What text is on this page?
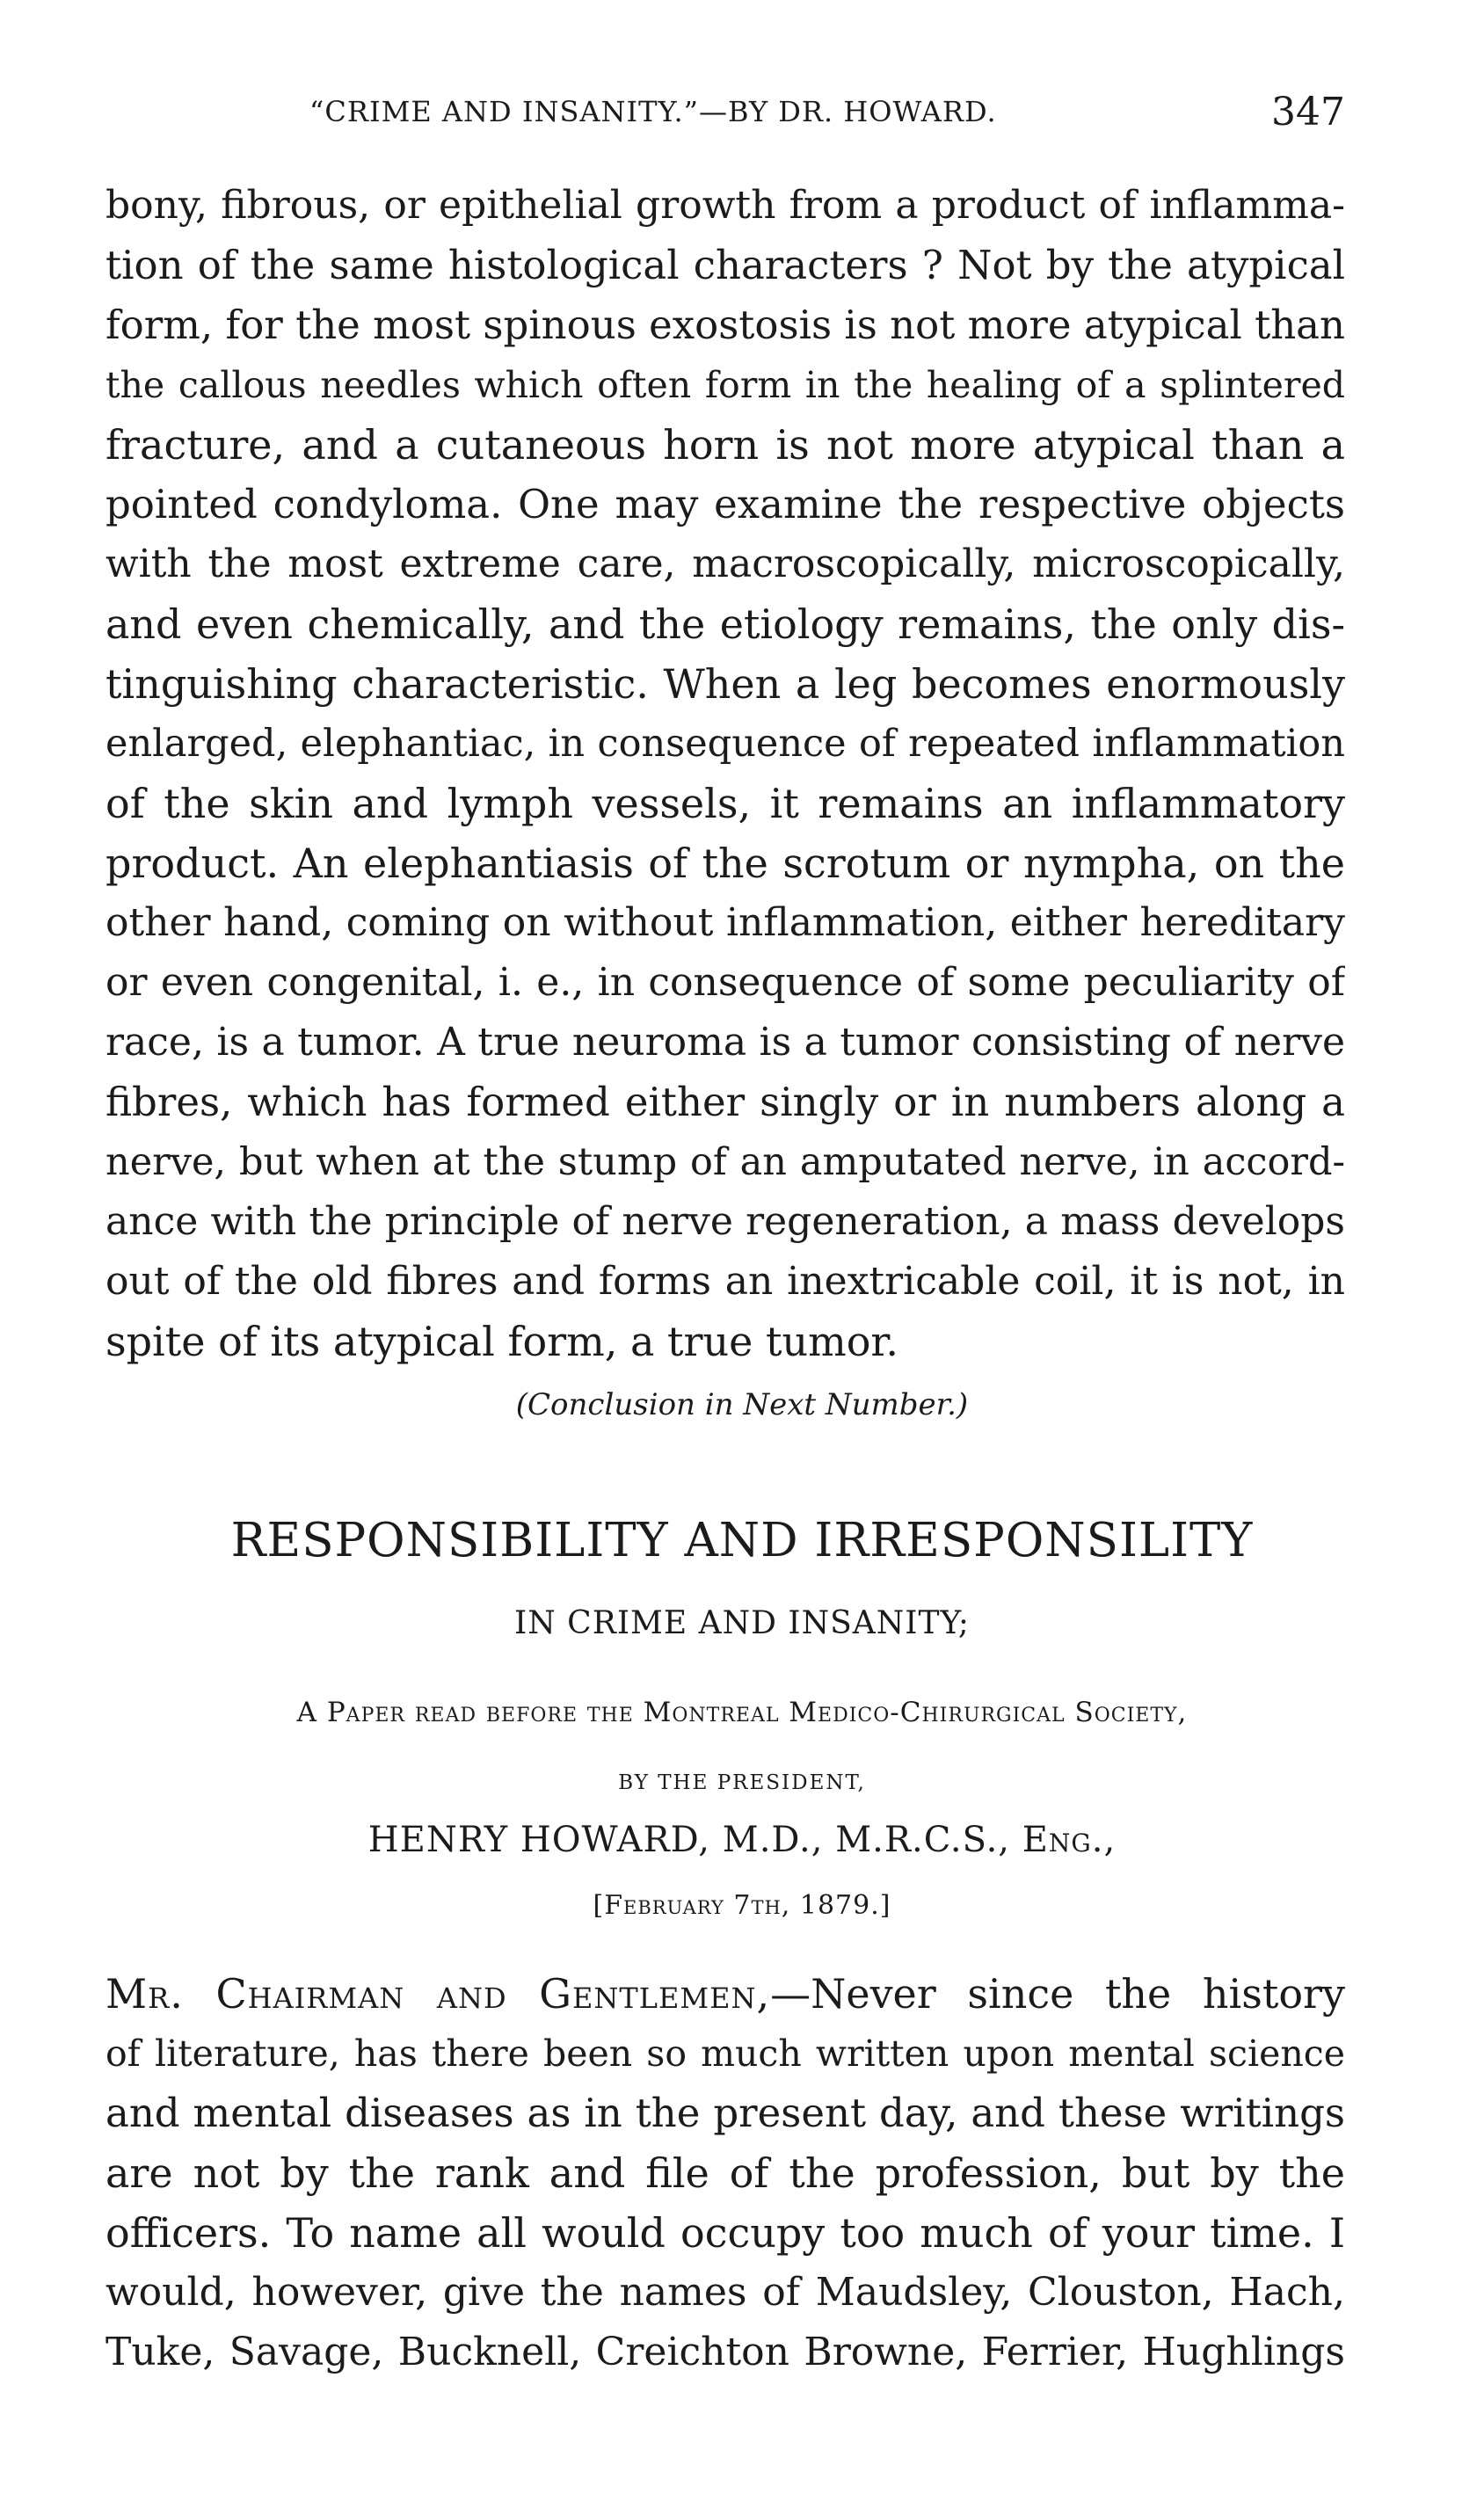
“CRIME AND INSANITY.”—BY DR. HOWARD.	347
bony, fibrous, or epithelial growth from a product of inflamma-
tion of the same histological characters ? Not by the atypical
form, for the most spinous exostosis is not more atypical than
the callous needles which often form in the healing of a splintered
fracture, and a cutaneous horn is not more atypical than a
pointed condyloma. One may examine the respective objects
with the most extreme care, macroscopically, microscopically,
and even chemically, and the etiology remains, the only dis-
tinguishing characteristic. When a leg becomes enormously
enlarged, elephantiac, in consequence of repeated inflammation
of the skin and lymph vessels, it remains an inflammatory
product. An elephantiasis of the scrotum or nympha, on the
other hand, coming on without inflammation, either hereditary
or even congenital, i. e., in consequence of some peculiarity of
race, is a tumor. A true neuroma is a tumor consisting of nerve
fibres, which has formed either singly or in numbers along a
nerve, but when at the stump of an amputated nerve, in accord-
ance with the principle of nerve regeneration, a mass develops
out of the old fibres and forms an inextricable coil, it is not, in
spite of its atypical form, a true tumor.
(Conclusion in Next Number.)
RESPONSIBILITY AND IRRESPONSILITY
IN CRIME AND INSANITY;
A Paper read before the Montreal Medico-Chirurgical Society,
BY THE PRESIDENT,
HENRY HOWARD, M.D., M.R.C.S., Eng.,
[February 7th, 1879.]
Mr. Chairman and Gentlemen,—Never since the history
of literature, has there been so much written upon mental science
and mental diseases as in the present day, and these writings
are not by the rank and file of the profession, but by the
officers. To name all would occupy too much of your time. I
would, however, give the names of Maudsley, Clouston, Hach,
Tuke, Savage, Bucknell, Creichton Browne, Ferrier, Hughlings
